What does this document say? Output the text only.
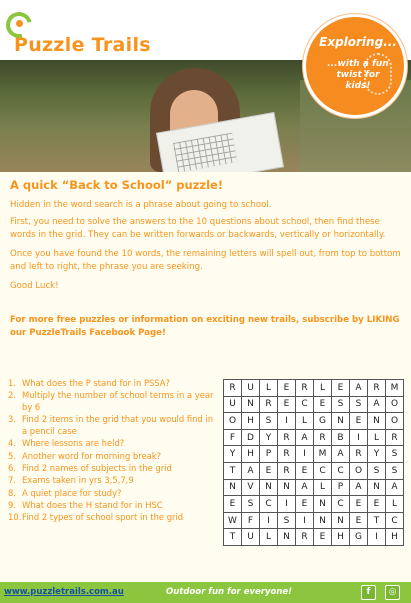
Puzzle Trails	Exploring...
...with a fun twist for kids!
A quick “Back to School” puzzle!

Hidden in the word search is a phrase about going to school.

First, you need to solve the answers to the 10 questions about school, then find these words in the grid. They can be written forwards or backwards, vertically or horizontally.

Once you have found the 10 words, the remaining letters will spell out, from top to bottom and left to right, the phrase you are seeking.

Good Luck!

For more free puzzles or information on exciting new trails, subscribe by LIKING our PuzzleTrails Facebook Page!

1. What does the P stand for in PSSA?
2. Multiply the number of school terms in a year by 6
3. Find 2 items in the grid that you would find in a pencil case
4. Where lessons are held?
5. Another word for morning break?
6. Find 2 names of subjects in the grid
7. Exams taken in yrs 3,5,7,9
8. A quiet place for study?
9. What does the H stand for in HSC
10. Find 2 types of school sport in the grid
R	U	L	E	R	L	E	A	R	M
U	N	R	E	C	E	S	S	A	O
O	H	S	I	L	G	N	E	N	O
F	D	Y	R	A	R	B	I	L	R
Y	H	P	R	I	M	A	R	Y	S
T	A	E	R	E	C	C	O	S	S
N	V	N	N	A	L	P	A	N	A
E	S	C	I	E	N	C	E	E	L
W	F	I	S	I	N	N	E	T	C
T	U	L	N	R	E	H	G	I	H
www.puzzletrails.com.au	Outdoor fun for everyone!	f	◎
